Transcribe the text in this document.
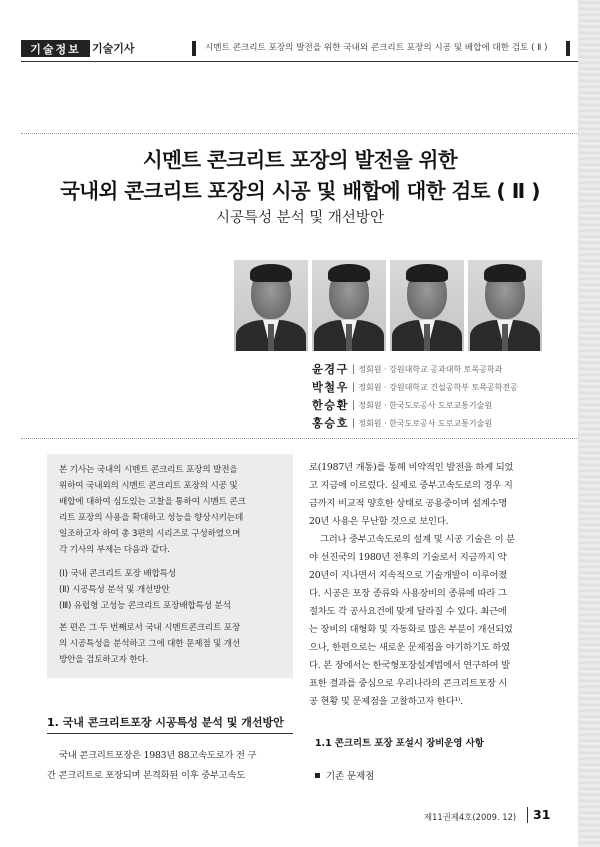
기술정보	기술기사	시멘트 콘크리트 포장의 발전을 위한 국내외 콘크리트 포장의 시공 및 배합에 대한 검토 ( Ⅱ )
시멘트 콘크리트 포장의 발전을 위한
국내외 콘크리트 포장의 시공 및 배합에 대한 검토 ( Ⅱ )
시공특성 분석 및 개선방안
윤경구 | 정회원 · 강원대학교 공과대학 토목공학과
박철우 | 정회원 · 강원대학교 건설공학부 토목공학전공
한승환 | 정회원 · 한국도로공사 도로교통기술원
홍승호 | 정회원 · 한국도로공사 도로교통기술원
본 기사는 국내의 시멘트 콘크리트 포장의 발전을
위하여 국내외의 시멘트 콘크리트 포장의 시공 및
배합에 대하여 심도있는 고찰을 통하여 시멘트 콘크
리트 포장의 사용을 확대하고 성능을 향상시키는데
일조하고자 하여 총 3편의 시리즈로 구성하였으며
각 기사의 부제는 다음과 같다.
(Ⅰ) 국내 콘크리트 포장 배합특성
(Ⅱ) 시공특성 분석 및 개선방안
(Ⅲ) 유럽형 고성능 콘크리트 포장배합특성 분석
본 편은 그 두 번째로서 국내 시멘트콘크리트 포장
의 시공특성을 분석하고 그에 대한 문제점 및 개선
방안을 검토하고자 한다.
1. 국내 콘크리트포장 시공특성 분석 및 개선방안
국내 콘크리트포장은 1983년 88고속도로가 전 구
간 콘크리트로 포장되며 본격화된 이후 중부고속도
로(1987년 개통)를 통해 비약적인 발전을 하게 되었
고 지금에 이르렀다. 실제로 중부고속도로의 경우 지
금까지 비교적 양호한 상태로 공용중이며 설계수명
20년 사용은 무난할 것으로 보인다.
그러나 중부고속도로의 설계 및 시공 기술은 이 분
야 선진국의 1980년 전후의 기술로서 지금까지 약
20년이 지나면서 지속적으로 기술개발이 이루어졌
다. 시공은 포장 종류와 사용장비의 종류에 따라 그
절차도 각 공사요건에 맞게 달라질 수 있다. 최근에
는 장비의 대형화 및 자동화로 많은 부분이 개선되었
으나, 한편으로는 새로운 문제점을 야기하기도 하였
다. 본 장에서는 한국형포장설계법에서 연구하여 발
표한 결과를 중심으로 우리나라의 콘크리트포장 시
공 현황 및 문제점을 고찰하고자 한다¹⁾.
1.1 콘크리트 포장 포설시 장비운영 사항
기존 문제점
제11권제4호(2009. 12) 31
